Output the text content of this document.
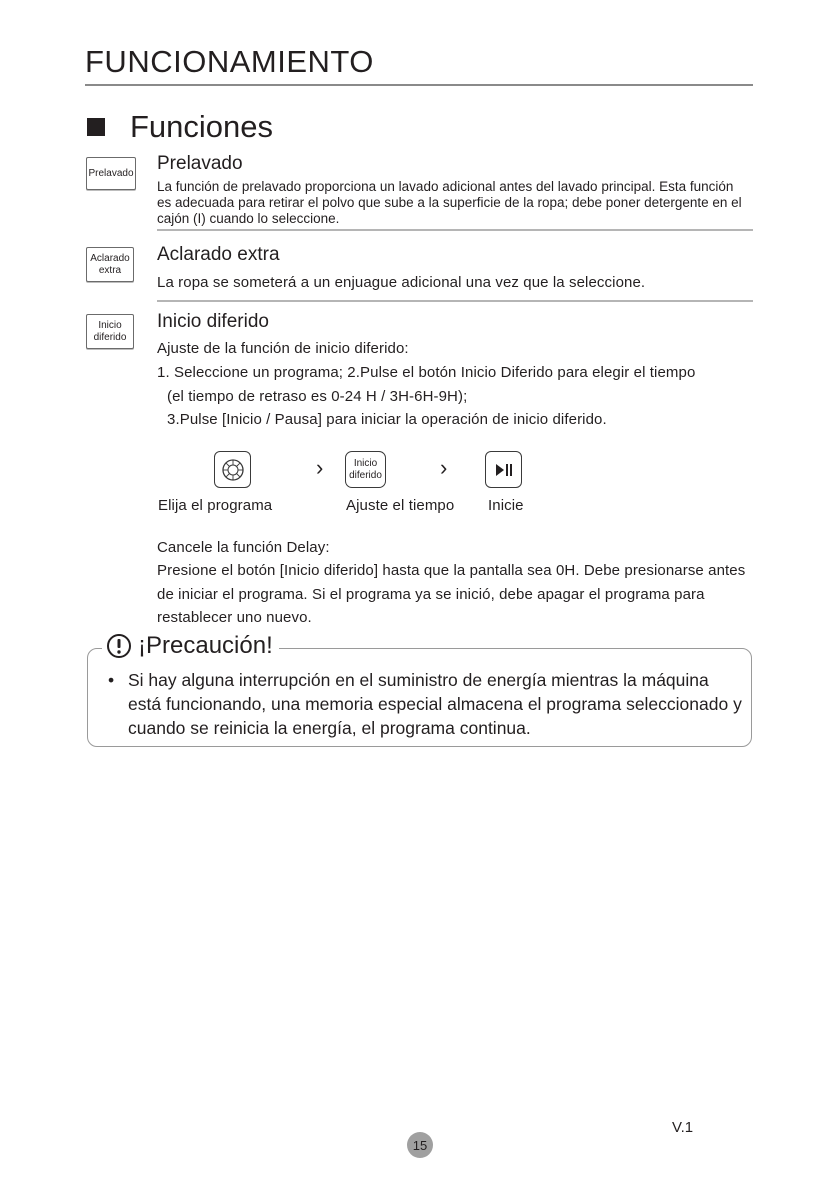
FUNCIONAMIENTO
Funciones
Prelavado Prelavado
La función de prelavado proporciona un lavado adicional antes del lavado principal. Esta función
es adecuada para retirar el polvo que sube a la superficie de la ropa; debe poner detergente en el
cajón (I) cuando lo seleccione.
Aclarado
extra
Aclarado extra
La ropa se someterá a un enjuague adicional una vez que la seleccione.
Inicio
diferido
Inicio diferido
Ajuste de la función de inicio diferido:
1. Seleccione un programa; 2.Pulse el botón Inicio Diferido para elegir el tiempo
(el tiempo de retraso es 0-24 H / 3H-6H-9H);
3.Pulse [Inicio / Pausa] para iniciar la operación de inicio diferido.
›	Inicio
diferido	›
Elija el programa	Ajuste el tiempo Inicie
Cancele la función Delay:
Presione el botón [Inicio diferido] hasta que la pantalla sea 0H. Debe presionarse antes
de iniciar el programa. Si el programa ya se inició, debe apagar el programa para
restablecer uno nuevo.
¡Precaución!
• Si hay alguna interrupción en el suministro de energía mientras la máquina
está funcionando, una memoria especial almacena el programa seleccionado y
cuando se reinicia la energía, el programa continua.
V.1
15
